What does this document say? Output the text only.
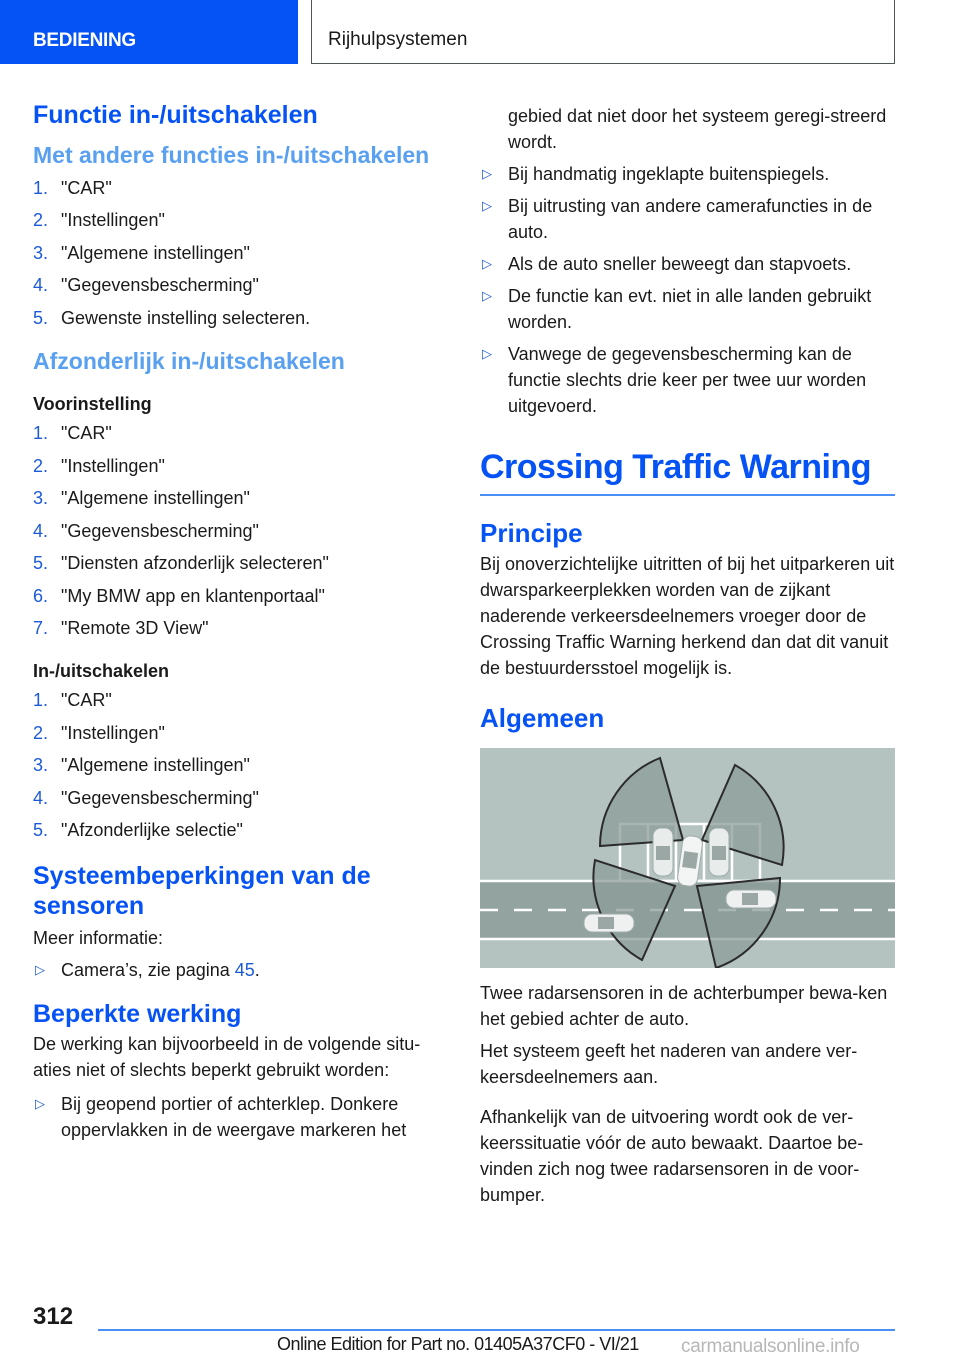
BEDIENING	Rijhulpsystemen
Functie in-/uitschakelen
Met andere functies in-/uitschakelen
1. "CAR"
2. "Instellingen"
3. "Algemene instellingen"
4. "Gegevensbescherming"
5. Gewenste instelling selecteren.
Afzonderlijk in-/uitschakelen
Voorinstelling
1. "CAR"
2. "Instellingen"
3. "Algemene instellingen"
4. "Gegevensbescherming"
5. "Diensten afzonderlijk selecteren"
6. "My BMW app en klantenportaal"
7. "Remote 3D View"
In-/uitschakelen
1. "CAR"
2. "Instellingen"
3. "Algemene instellingen"
4. "Gegevensbescherming"
5. "Afzonderlijke selectie"
Systeembeperkingen van de sensoren
Meer informatie:
▷ Camera’s, zie pagina 45.
Beperkte werking
De werking kan bijvoorbeeld in de volgende situ-aties niet of slechts beperkt gebruikt worden:
▷ Bij geopend portier of achterklep. Donkere oppervlakken in de weergave markeren het
gebied dat niet door het systeem geregi-streerd wordt.
▷ Bij handmatig ingeklapte buitenspiegels.
▷ Bij uitrusting van andere camerafuncties in de auto.
▷ Als de auto sneller beweegt dan stapvoets.
▷ De functie kan evt. niet in alle landen gebruikt worden.
▷ Vanwege de gegevensbescherming kan de functie slechts drie keer per twee uur worden uitgevoerd.
Crossing Traffic Warning
Principe
Bij onoverzichtelijke uitritten of bij het uitparkeren uit dwarsparkeerplekken worden van de zijkant naderende verkeersdeelnemers vroeger door de Crossing Traffic Warning herkend dan dat dit vanuit de bestuurdersstoel mogelijk is.
Algemeen
Twee radarsensoren in de achterbumper bewa-ken het gebied achter de auto.
Het systeem geeft het naderen van andere ver-keersdeelnemers aan.
Afhankelijk van de uitvoering wordt ook de ver-keerssituatie vóór de auto bewaakt. Daartoe be-vinden zich nog twee radarsensoren in de voor-bumper.
312
Online Edition for Part no. 01405A37CF0 - VI/21 carmanualsonline.info
